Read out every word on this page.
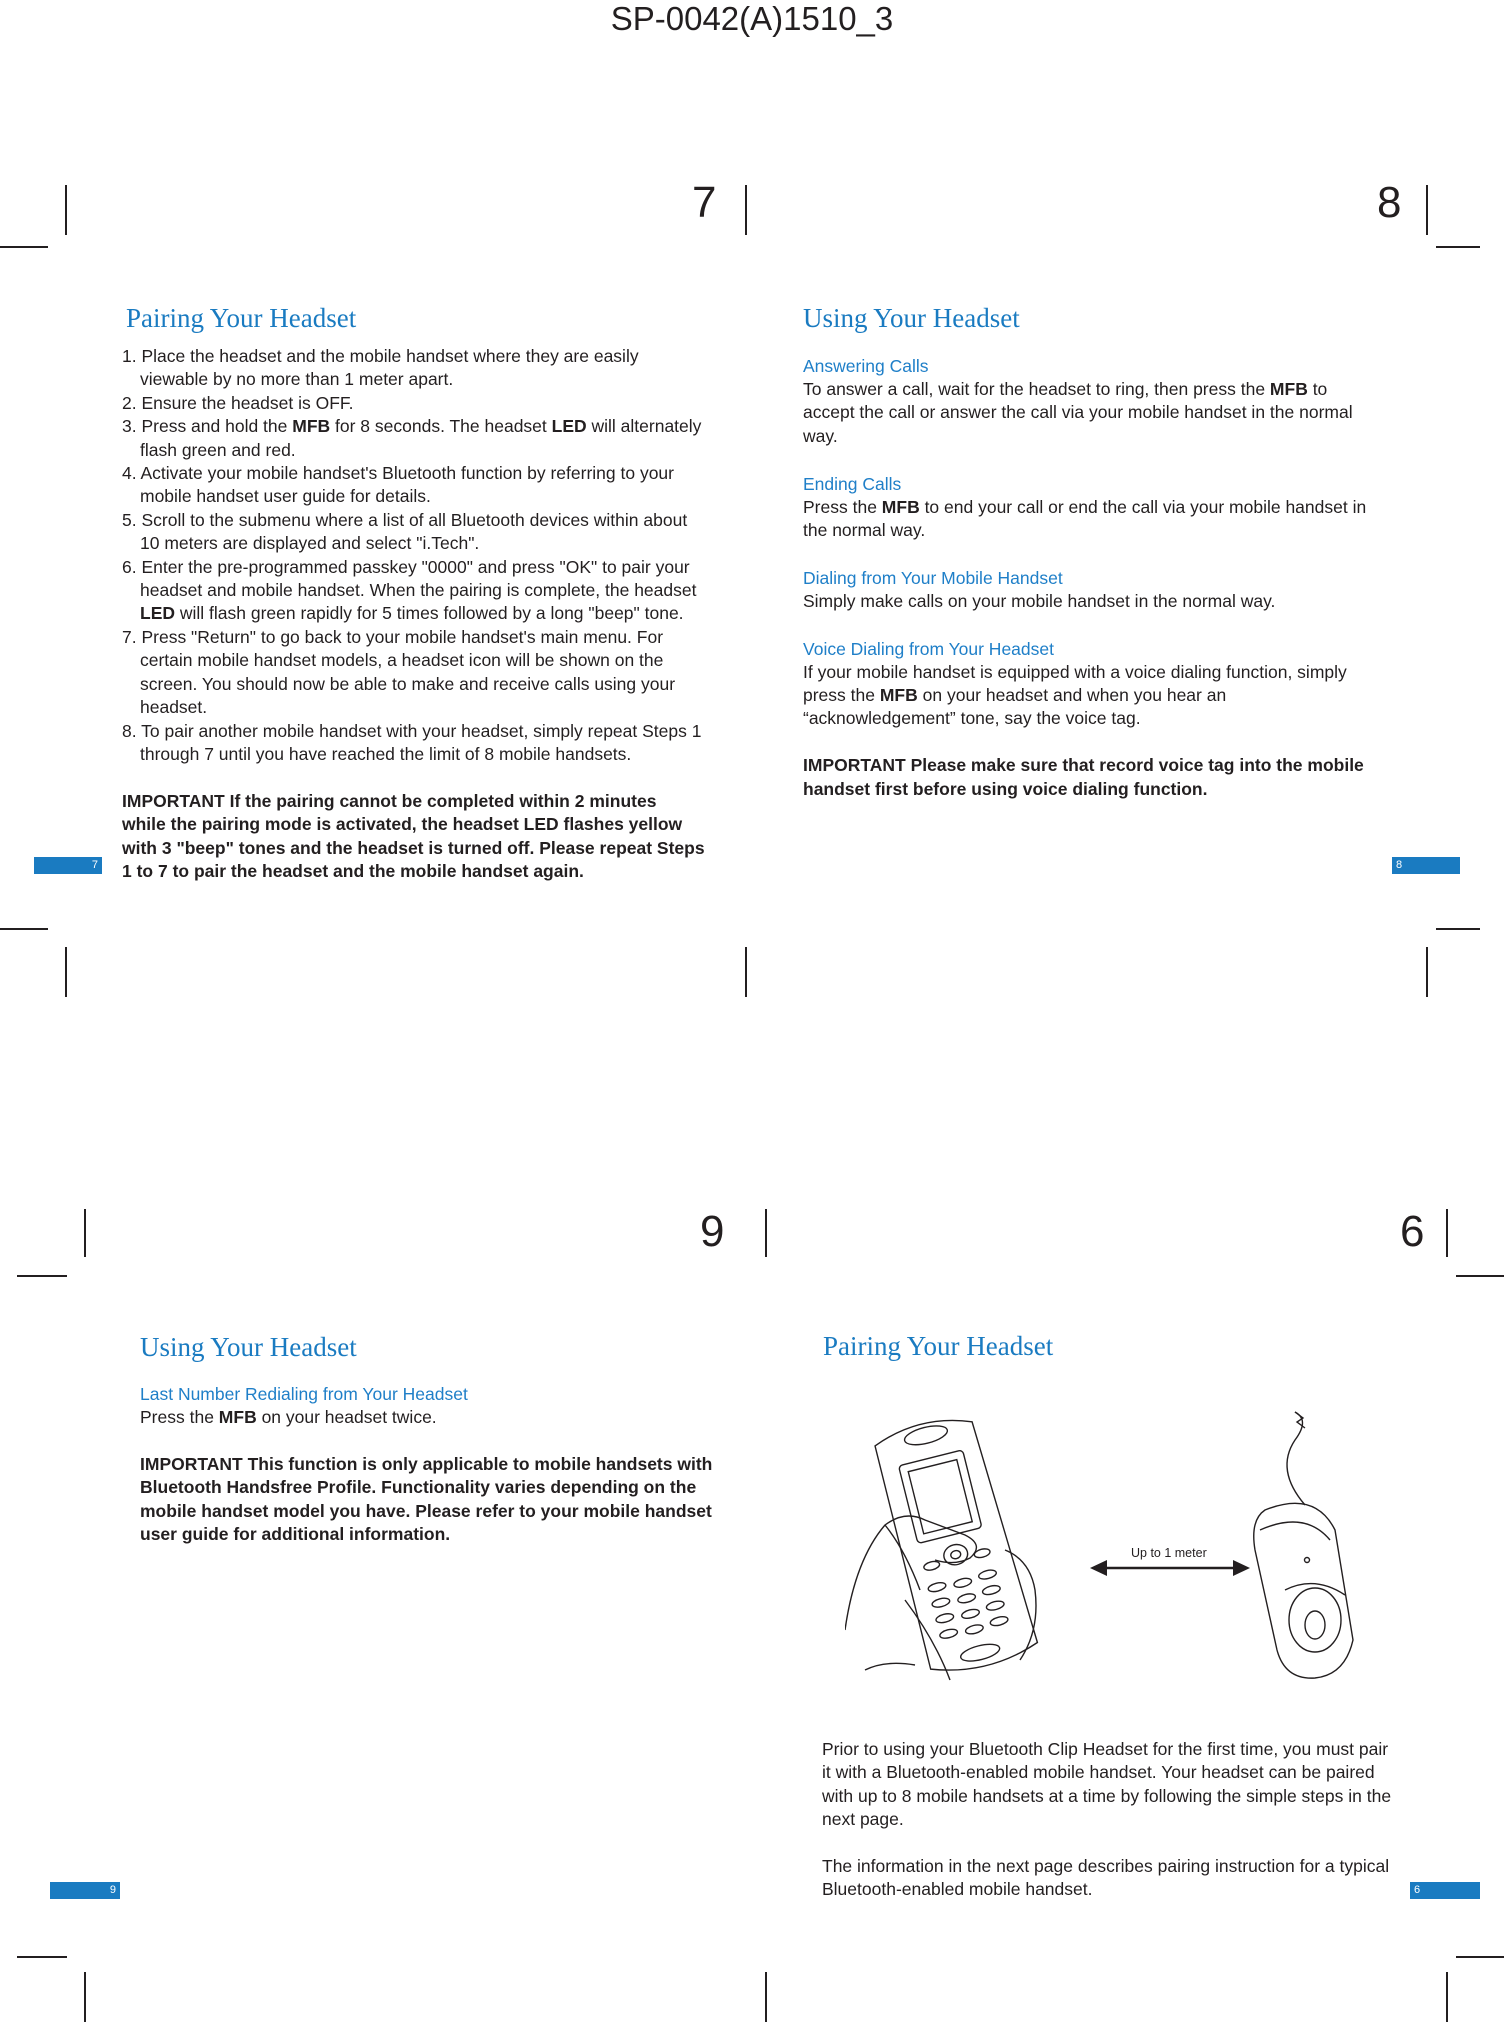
SP-0042(A)1510_3
7	8
9	6
Pairing Your Headset
1. Place the headset and the mobile handset where they are easily viewable by no more than 1 meter apart.
2. Ensure the headset is OFF.
3. Press and hold the MFB for 8 seconds. The headset LED will alternately flash green and red.
4. Activate your mobile handset's Bluetooth function by referring to your mobile handset user guide for details.
5. Scroll to the submenu where a list of all Bluetooth devices within about 10 meters are displayed and select "i.Tech".
6. Enter the pre-programmed passkey "0000" and press "OK" to pair your headset and mobile handset. When the pairing is complete, the headset LED will flash green rapidly for 5 times followed by a long "beep" tone.
7. Press "Return" to go back to your mobile handset's main menu. For certain mobile handset models, a headset icon will be shown on the screen. You should now be able to make and receive calls using your headset.
8. To pair another mobile handset with your headset, simply repeat Steps 1 through 7 until you have reached the limit of 8 mobile handsets.
IMPORTANT If the pairing cannot be completed within 2 minutes while the pairing mode is activated, the headset LED flashes yellow with 3 "beep" tones and the headset is turned off. Please repeat Steps 1 to 7 to pair the headset and the mobile handset again.
7
Using Your Headset
Answering Calls
To answer a call, wait for the headset to ring, then press the MFB to accept the call or answer the call via your mobile handset in the normal way.
Ending Calls
Press the MFB to end your call or end the call via your mobile handset in the normal way.
Dialing from Your Mobile Handset
Simply make calls on your mobile handset in the normal way.
Voice Dialing from Your Headset
If your mobile handset is equipped with a voice dialing function, simply press the MFB on your headset and when you hear an “acknowledgement” tone, say the voice tag.
IMPORTANT Please make sure that record voice tag into the mobile handset first before using voice dialing function.
8
Using Your Headset
Last Number Redialing from Your Headset
Press the MFB on your headset twice.
IMPORTANT This function is only applicable to mobile handsets with Bluetooth Handsfree Profile. Functionality varies depending on the mobile handset model you have. Please refer to your mobile handset user guide for additional information.
9
Pairing Your Headset
Up to 1 meter
Prior to using your Bluetooth Clip Headset for the first time, you must pair it with a Bluetooth-enabled mobile handset. Your headset can be paired with up to 8 mobile handsets at a time by following the simple steps in the next page.
The information in the next page describes pairing instruction for a typical Bluetooth-enabled mobile handset.	6
